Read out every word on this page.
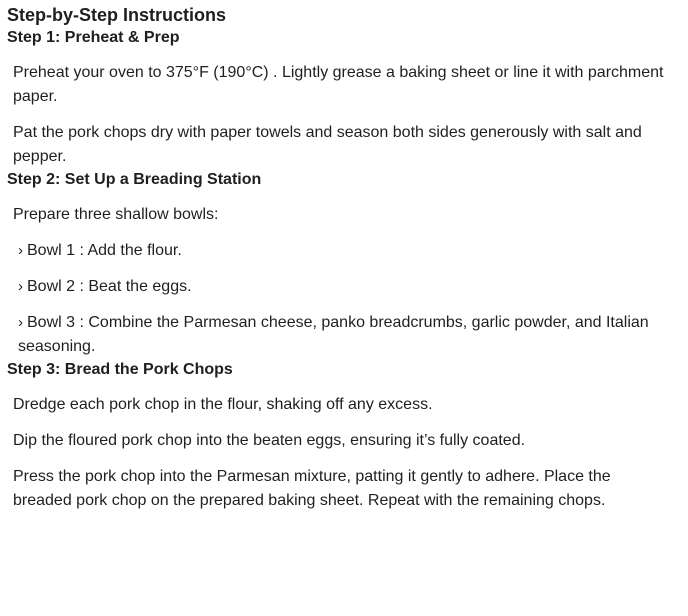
Step-by-Step Instructions
Step 1: Preheat & Prep

Preheat your oven to 375°F (190°C) . Lightly grease a baking sheet or line it with parchment paper.

Pat the pork chops dry with paper towels and season both sides generously with salt and pepper.

Step 2: Set Up a Breading Station

Prepare three shallow bowls:

› Bowl 1 : Add the flour.

› Bowl 2 : Beat the eggs.

› Bowl 3 : Combine the Parmesan cheese, panko breadcrumbs, garlic powder, and Italian seasoning.

Step 3: Bread the Pork Chops

Dredge each pork chop in the flour, shaking off any excess.

Dip the floured pork chop into the beaten eggs, ensuring it’s fully coated.

Press the pork chop into the Parmesan mixture, patting it gently to adhere. Place the breaded pork chop on the prepared baking sheet. Repeat with the remaining chops.
